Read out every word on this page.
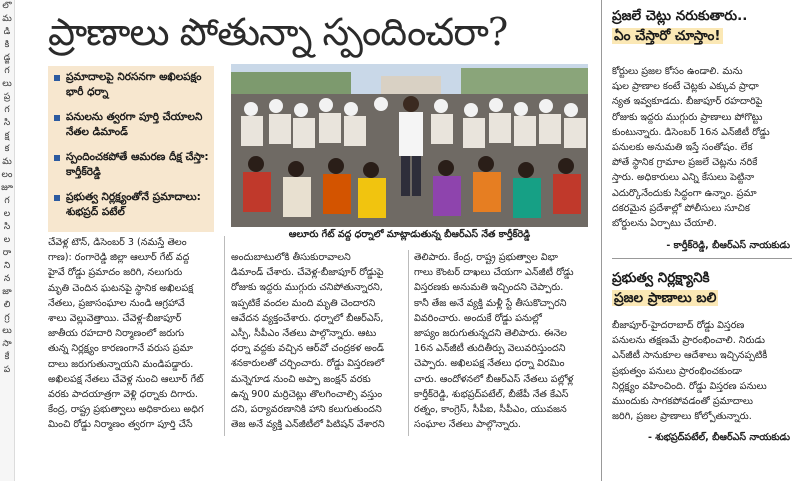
లొ
మ
డి
కి
డ్జ
గ
లు
ప్ర
గ
సి
క్ష
క
మ
లం
జూ
గ
ల
సి
ల
రా
ని
న
జా
లి
గ్ర
లు
సా
కే
ప
ప్రాణాలు పోతున్నా స్పందించరా?
ప్రమాదాలపై నిరసనగా అఖిలపక్షం భారీ ధర్నా
పనులను త్వరగా పూర్తి చేయాలని నేతల డిమాండ్‌
స్పందించకపోతే ఆమరణ దీక్ష చేస్తా: కార్తీక్‌రెడ్డి
ప్రభుత్వ నిర్లక్ష్యంతోనే ప్రమాదాలు: శుభప్రద్‌ పటేల్‌
ఆలూరు గేట్‌ వద్ద ధర్నాలో మాట్లాడుతున్న బీఆర్‌ఎస్‌ నేత కార్తీక్‌రెడ్డి
చేవెళ్ల టౌన్‌, డిసెంబర్‌ 3 (నమస్తే తెలం
గాణ): రంగారెడ్డి జిల్లా ఆలూర్‌ గేట్‌ వద్ద
హైవే రోడ్డు ప్రమాదం జరిగి, నలుగురు
మృతి చెందిన ఘటనపై స్థానిక అఖిలపక్ష
నేతలు, ప్రజాసంఘాల నుండి ఆగ్రహావే
శాలు వెల్లువెత్తాయి. చేవెళ్ల-బీజాపూర్‌
జాతీయ రహదారి నిర్మాణంలో జరుగు
తున్న నిర్లక్ష్యం కారణంగానే వరుస ప్రమా
దాలు జరుగుతున్నాయని మండిపడ్డారు.
అఖిలపక్ష నేతలు చేవెళ్ల నుంచి ఆలూర్‌ గేట్‌
వరకు పాదయాత్రగా వెళ్లి ధర్నాకు దిగారు.
కేంద్ర, రాష్ట్ర ప్రభుత్వాలు అధికారులు అధిగ
మించి రోడ్డు నిర్మాణం త్వరగా పూర్తి చేసే
అందుబాటులోకి తీసుకురావాలని
డిమాండ్‌ చేశారు. చేవెళ్ల-బీజాపూర్‌ రోడ్డుపై
రోజుకు ఇద్దరు ముగ్గురు చనిపోతున్నారని,
ఇప్పటికే వందల మంది మృతి చెందారని
ఆవేదన వ్యక్తంచేశారు. ధర్నాలో బీఆర్‌ఎస్‌,
ఎస్పీ, సీపీఎం నేతలు పాల్గొన్నారు. ఆటు
ధర్నా వద్దకు వచ్చిన ఆర్‌వో చంద్రకళ అండ్‌
శనకారులతో చర్చించారు. రోడ్డు విస్తరణలో
మన్నెగూడ నుంచి అప్పా జంక్షన్‌ వరకు
ఉన్న 900 మర్రిచెట్లు తొలగించాల్సి వస్తుం
దని, పర్యావరణానికి హాని కలుగుతుందని
తెజ అనే వ్యక్తి ఎన్‌జీటీలో పిటిషన్‌ వేశారని
తెలిపారు. కేంద్ర, రాష్ట్ర ప్రభుత్వాల విభా
గాలు కౌంటర్‌ దాఖలు చేయగా ఎన్‌జీటీ రోడ్డు
విస్తరణకు అనుమతి ఇచ్చిందని చెప్పారు.
కానీ తేజ అనే వ్యక్తి మళ్లీ స్టే తీసుకొచ్చారని
వివరించారు. అందుకే రోడ్డు పనుల్లో
జాప్యం జరుగుతున్నదని తెలిపారు. ఈనెల
16న ఎన్‌జీటీ తుదితీర్పు వెలువరిస్తుందని
చెప్పారు. అఖిలపక్ష నేతలు ధర్నా విరమిం
చారు. ఆందోళనలో బీఆర్‌ఎస్‌ నేతలు పల్లోళ్ల
కార్తీక్‌రెడ్డి, శుభప్రద్‌పటేల్‌, బీజేపీ నేత కేఎస్‌
రత్నం, కాంగ్రెస్‌, సీపీఐ, సీపీఎం, యువజన
సంఘాల నేతలు పాల్గొన్నారు.
ప్రజలే చెట్లు నరుకుతారు..
ఏం చేస్తారో చూస్తాం!
కోర్టులు ప్రజల కోసం ఉండాలి. మను
షుల ప్రాణాల కంటే చెట్లకు ఎక్కువ ప్రాధా
న్యత ఇవ్వకూడదు. బీజాపూర్‌ రహదారిపై
రోజుకు ఇద్దరు ముగ్గురు ప్రాణాలు పోగొట్టు
కుంటున్నారు. డిసెంబర్‌ 16న ఎన్‌జీటీ రోడ్డు
పనులకు అనుమతి ఇస్తే సంతోషం. లేక
పోతే స్థానిక గ్రామాల ప్రజలే చెట్లను నరికే
స్తారు. అధికారులు ఎన్ని కేసులు పెట్టినా
ఎదుర్కొనేందుకు సిద్ధంగా ఉన్నాం. ప్రమా
దకరమైన ప్రదేశాల్లో పోలీసులు సూచిక
బోర్డులను ఏర్పాటు చేయాలి.
- కార్తీక్‌రెడ్డి, బీఆర్‌ఎస్‌ నాయకుడు
ప్రభుత్వ నిర్లక్ష్యానికి
ప్రజల ప్రాణాలు బలి
బీజాపూర్‌-హైదరాబాద్‌ రోడ్డు విస్తరణ
పనులను తక్షణమే ప్రారంభించాలి. నిరుడు
ఎన్‌జీటీ సానుకూల ఆదేశాలు ఇచ్చినప్పటికీ
ప్రభుత్వం పనులు ప్రారంభించకుండా
నిర్లక్ష్యం వహించింది. రోడ్డు విస్తరణ పనులు
ముందుకు సాగకపోవడంతో ప్రమాదాలు
జరిగి, ప్రజల ప్రాణాలు కోల్పోతున్నారు.
- శుభప్రద్‌పటేల్‌, బీఆర్‌ఎస్‌ నాయకుడు
